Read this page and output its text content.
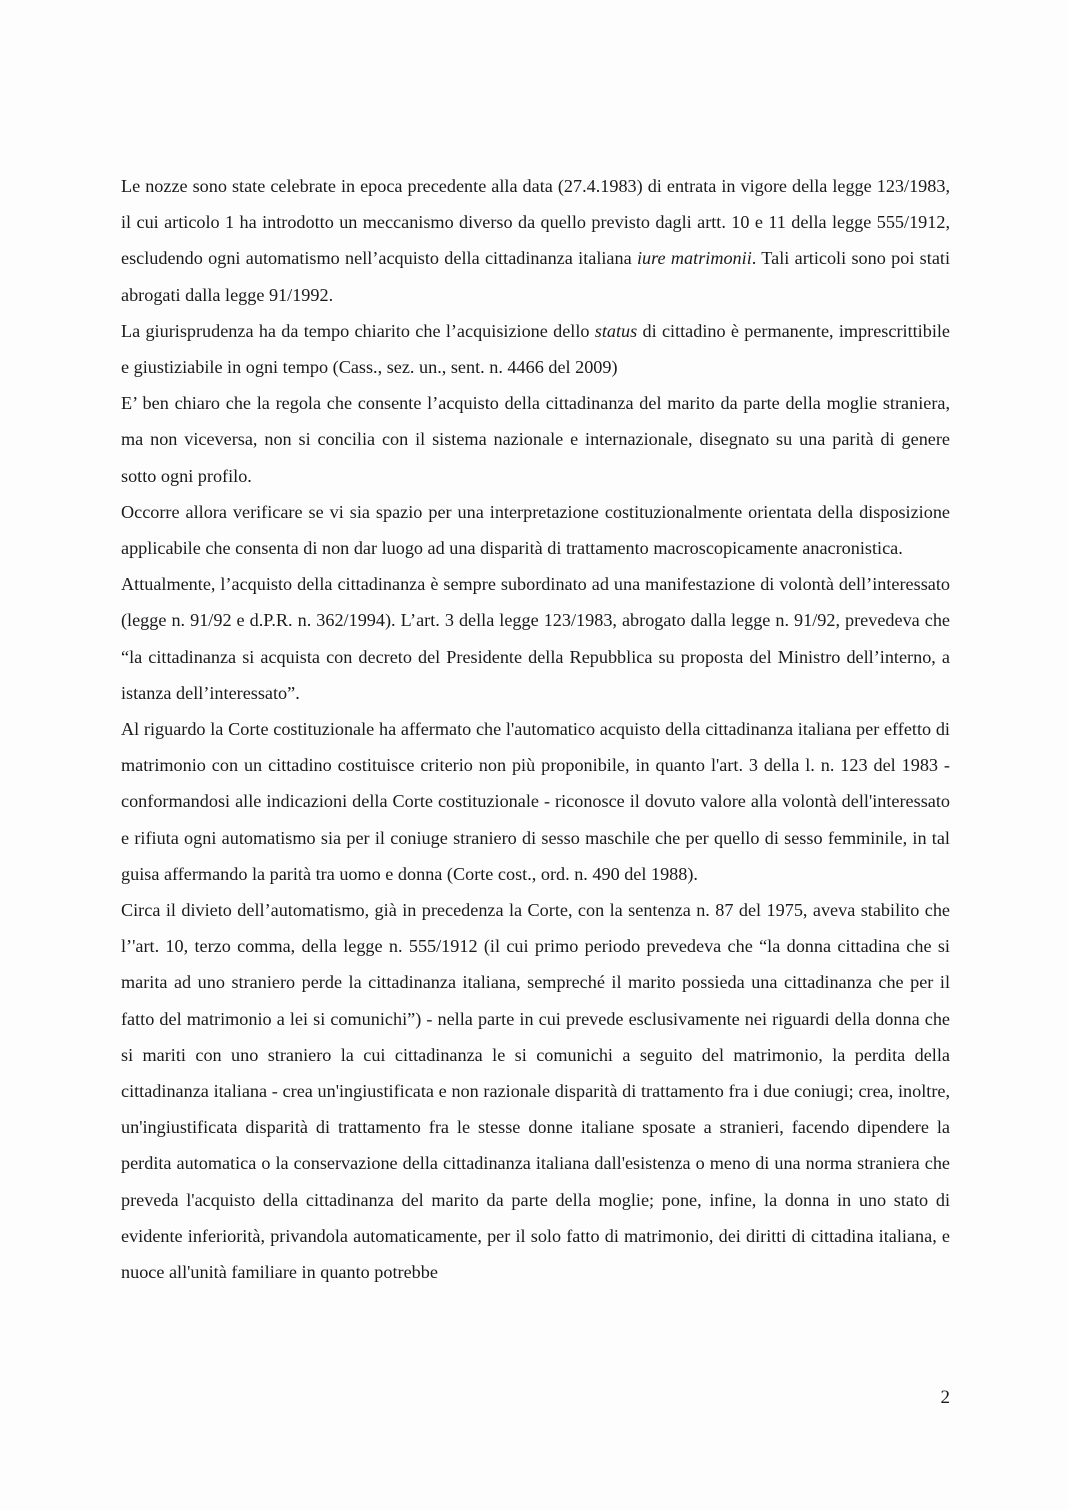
Le nozze sono state celebrate in epoca precedente alla data (27.4.1983) di entrata in vigore della legge 123/1983, il cui articolo 1 ha introdotto un meccanismo diverso da quello previsto dagli artt. 10 e 11 della legge 555/1912, escludendo ogni automatismo nell’acquisto della cittadinanza italiana iure matrimonii. Tali articoli sono poi stati abrogati dalla legge 91/1992.

La giurisprudenza ha da tempo chiarito che l’acquisizione dello status di cittadino è permanente, imprescrittibile e giustiziabile in ogni tempo (Cass., sez. un., sent. n. 4466 del 2009)

E’ ben chiaro che la regola che consente l’acquisto della cittadinanza del marito da parte della moglie straniera, ma non viceversa, non si concilia con il sistema nazionale e internazionale, disegnato su una parità di genere sotto ogni profilo.

Occorre allora verificare se vi sia spazio per una interpretazione costituzionalmente orientata della disposizione applicabile che consenta di non dar luogo ad una disparità di trattamento macroscopicamente anacronistica.

Attualmente, l’acquisto della cittadinanza è sempre subordinato ad una manifestazione di volontà dell’interessato (legge n. 91/92 e d.P.R. n. 362/1994). L’art. 3 della legge 123/1983, abrogato dalla legge n. 91/92, prevedeva che “la cittadinanza si acquista con decreto del Presidente della Repubblica su proposta del Ministro dell’interno, a istanza dell’interessato”.

Al riguardo la Corte costituzionale ha affermato che l'automatico acquisto della cittadinanza italiana per effetto di matrimonio con un cittadino costituisce criterio non più proponibile, in quanto l'art. 3 della l. n. 123 del 1983 - conformandosi alle indicazioni della Corte costituzionale - riconosce il dovuto valore alla volontà dell'interessato e rifiuta ogni automatismo sia per il coniuge straniero di sesso maschile che per quello di sesso femminile, in tal guisa affermando la parità tra uomo e donna (Corte cost., ord. n. 490 del 1988).

Circa il divieto dell’automatismo, già in precedenza la Corte, con la sentenza n. 87 del 1975, aveva stabilito che l’'art. 10, terzo comma, della legge n. 555/1912 (il cui primo periodo prevedeva che “la donna cittadina che si marita ad uno straniero perde la cittadinanza italiana, sempreché il marito possieda una cittadinanza che per il fatto del matrimonio a lei si comunichi”) - nella parte in cui prevede esclusivamente nei riguardi della donna che si mariti con uno straniero la cui cittadinanza le si comunichi a seguito del matrimonio, la perdita della cittadinanza italiana - crea un'ingiustificata e non razionale disparità di trattamento fra i due coniugi; crea, inoltre, un'ingiustificata disparità di trattamento fra le stesse donne italiane sposate a stranieri, facendo dipendere la perdita automatica o la conservazione della cittadinanza italiana dall'esistenza o meno di una norma straniera che preveda l'acquisto della cittadinanza del marito da parte della moglie; pone, infine, la donna in uno stato di evidente inferiorità, privandola automaticamente, per il solo fatto di matrimonio, dei diritti di cittadina italiana, e nuoce all'unità familiare in quanto potrebbe

2
